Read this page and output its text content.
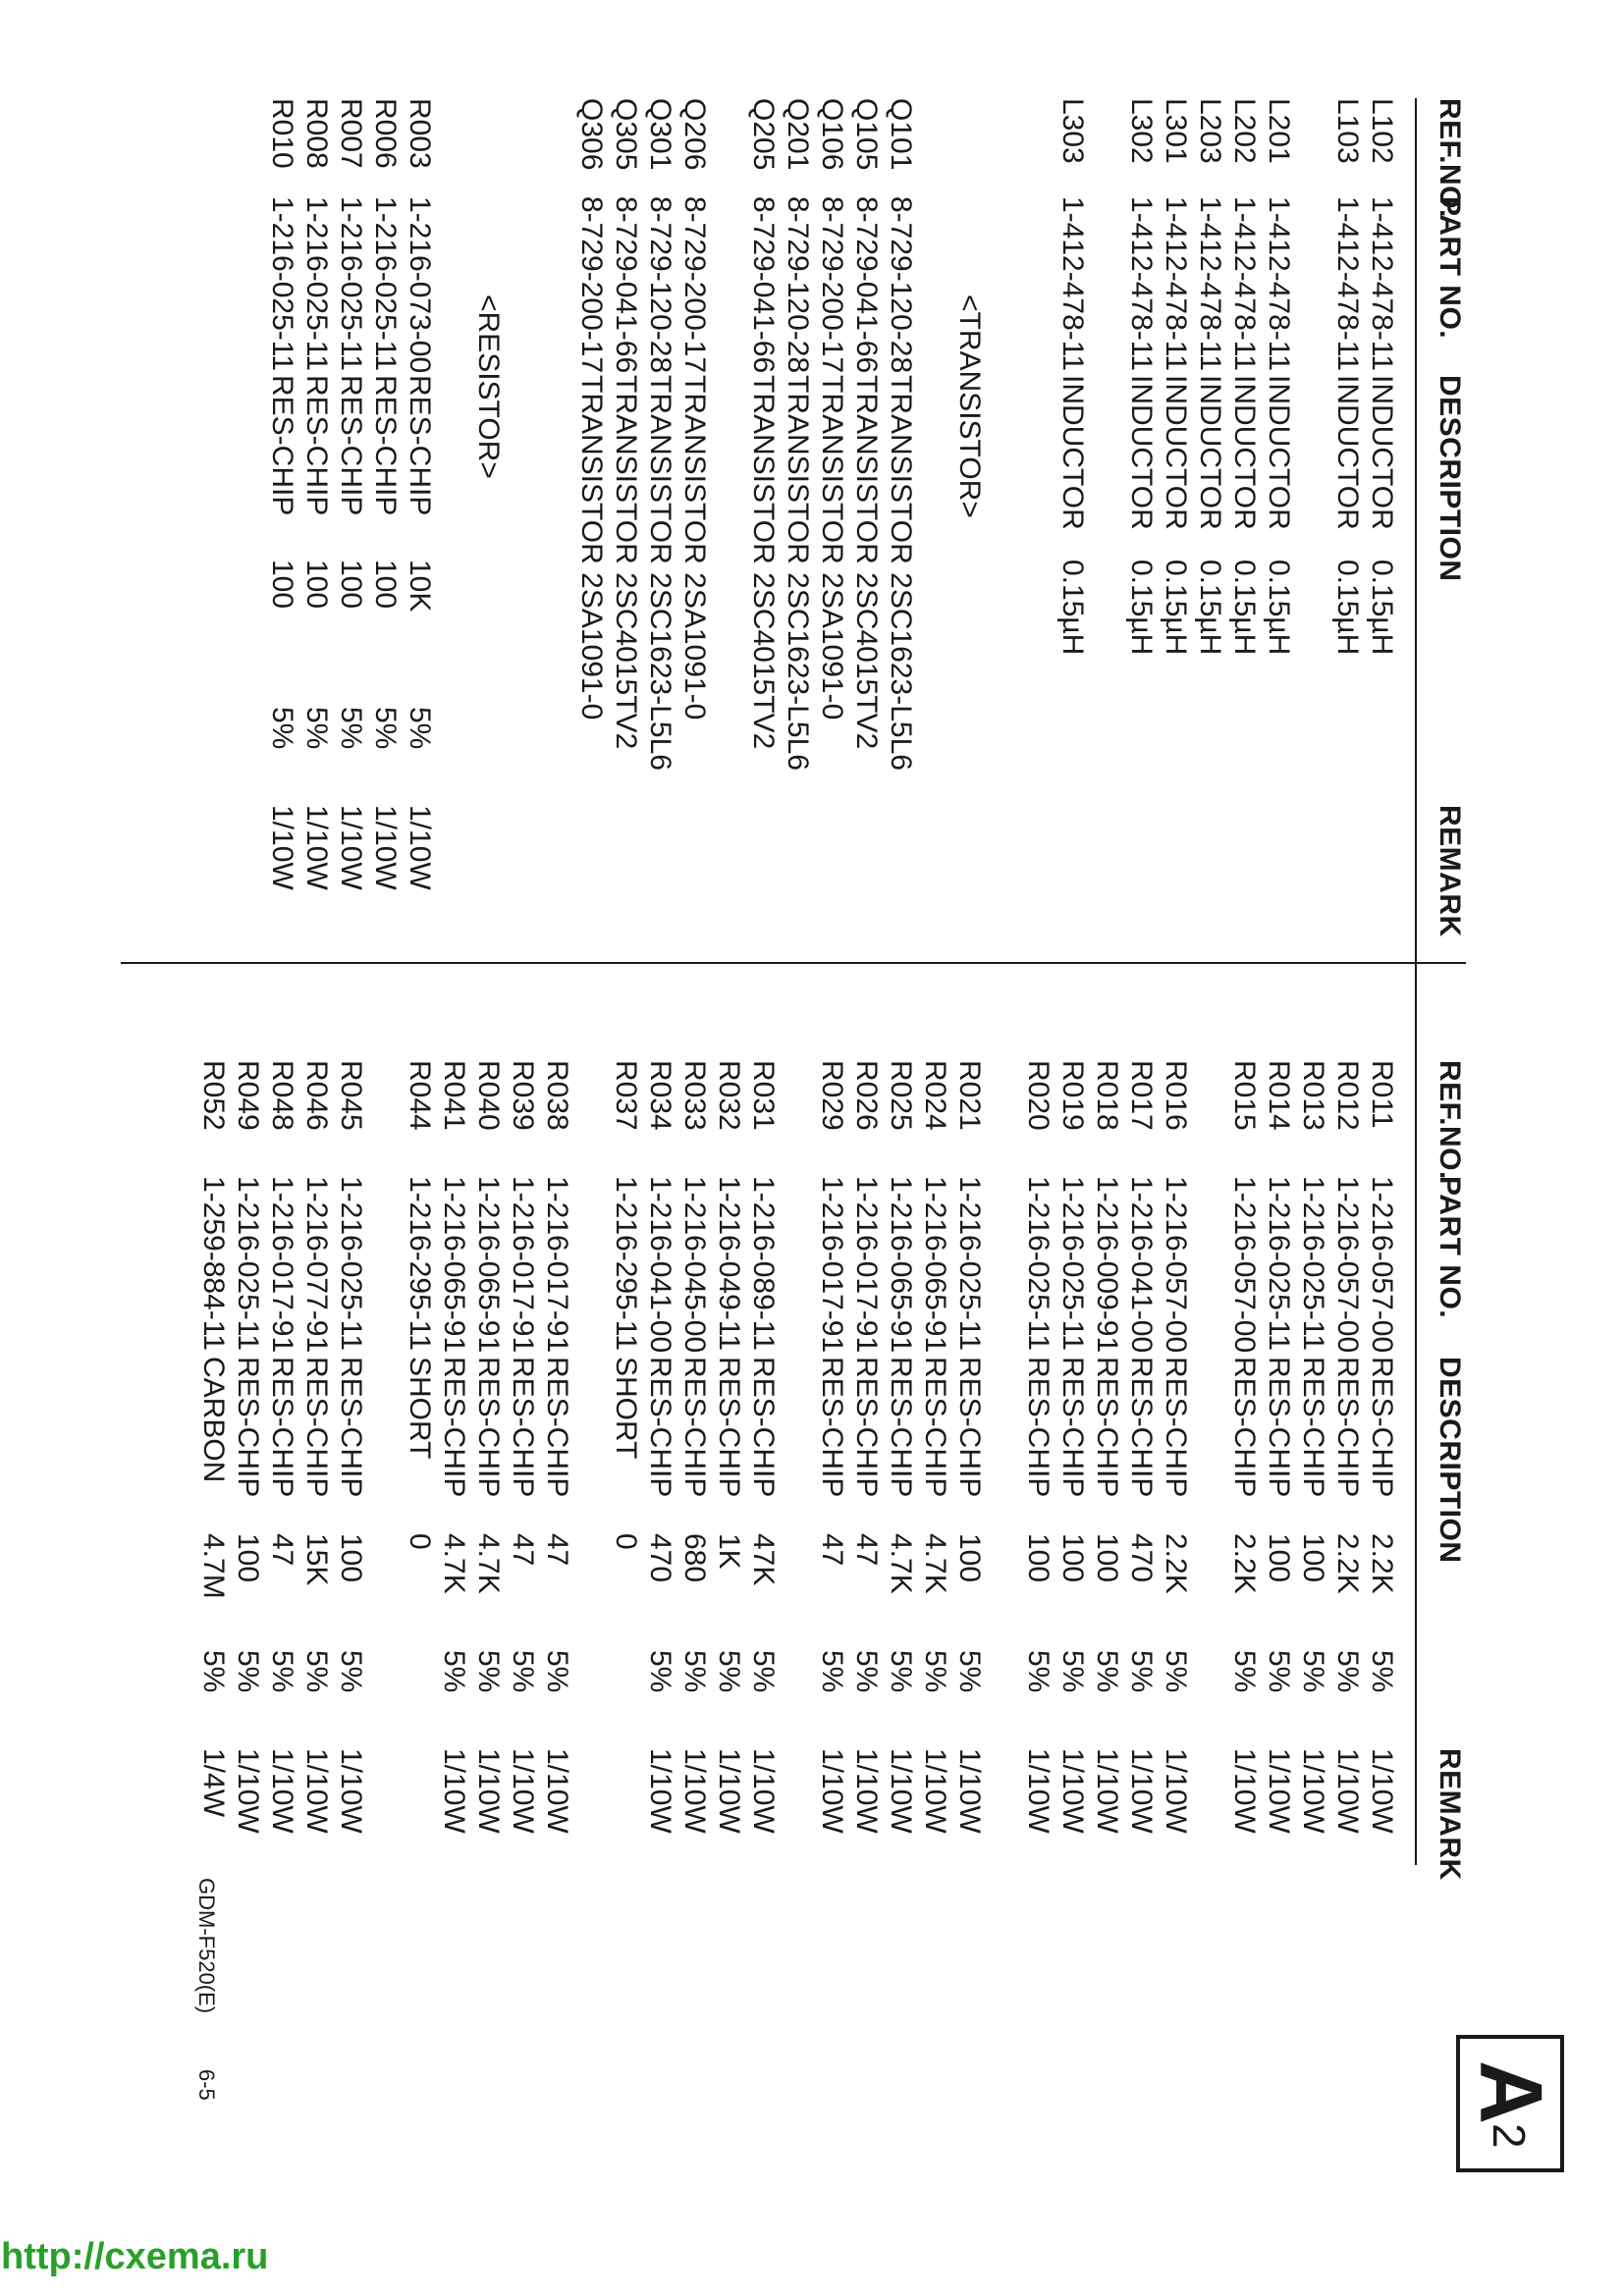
A
2
REF.NO.
PART NO.
DESCRIPTION
REMARK
L102
1-412-478-11
INDUCTOR
0.15µH
L103
1-412-478-11
INDUCTOR
0.15µH
L201
1-412-478-11
INDUCTOR
0.15µH
L202
1-412-478-11
INDUCTOR
0.15µH
L203
1-412-478-11
INDUCTOR
0.15µH
L301
1-412-478-11
INDUCTOR
0.15µH
L302
1-412-478-11
INDUCTOR
0.15µH
L303
1-412-478-11
INDUCTOR
0.15µH
<TRANSISTOR>
Q101
8-729-120-28
TRANSISTOR 2SC1623-L5L6
Q105
8-729-041-66
TRANSISTOR 2SC4015TV2
Q106
8-729-200-17
TRANSISTOR 2SA1091-0
Q201
8-729-120-28
TRANSISTOR 2SC1623-L5L6
Q205
8-729-041-66
TRANSISTOR 2SC4015TV2
Q206
8-729-200-17
TRANSISTOR 2SA1091-0
Q301
8-729-120-28
TRANSISTOR 2SC1623-L5L6
Q305
8-729-041-66
TRANSISTOR 2SC4015TV2
Q306
8-729-200-17
TRANSISTOR 2SA1091-0
<RESISTOR>
R003
1-216-073-00
RES-CHIP
10K
5%
1/10W
R006
1-216-025-11
RES-CHIP
100
5%
1/10W
R007
1-216-025-11
RES-CHIP
100
5%
1/10W
R008
1-216-025-11
RES-CHIP
100
5%
1/10W
R010
1-216-025-11
RES-CHIP
100
5%
1/10W
REF.NO.
PART NO.
DESCRIPTION
REMARK
R011
1-216-057-00
RES-CHIP
2.2K
5%
1/10W
R012
1-216-057-00
RES-CHIP
2.2K
5%
1/10W
R013
1-216-025-11
RES-CHIP
100
5%
1/10W
R014
1-216-025-11
RES-CHIP
100
5%
1/10W
R015
1-216-057-00
RES-CHIP
2.2K
5%
1/10W
R016
1-216-057-00
RES-CHIP
2.2K
5%
1/10W
R017
1-216-041-00
RES-CHIP
470
5%
1/10W
R018
1-216-009-91
RES-CHIP
100
5%
1/10W
R019
1-216-025-11
RES-CHIP
100
5%
1/10W
R020
1-216-025-11
RES-CHIP
100
5%
1/10W
R021
1-216-025-11
RES-CHIP
100
5%
1/10W
R024
1-216-065-91
RES-CHIP
4.7K
5%
1/10W
R025
1-216-065-91
RES-CHIP
4.7K
5%
1/10W
R026
1-216-017-91
RES-CHIP
47
5%
1/10W
R029
1-216-017-91
RES-CHIP
47
5%
1/10W
R031
1-216-089-11
RES-CHIP
47K
5%
1/10W
R032
1-216-049-11
RES-CHIP
1K
5%
1/10W
R033
1-216-045-00
RES-CHIP
680
5%
1/10W
R034
1-216-041-00
RES-CHIP
470
5%
1/10W
R037
1-216-295-11
SHORT
0
R038
1-216-017-91
RES-CHIP
47
5%
1/10W
R039
1-216-017-91
RES-CHIP
47
5%
1/10W
R040
1-216-065-91
RES-CHIP
4.7K
5%
1/10W
R041
1-216-065-91
RES-CHIP
4.7K
5%
1/10W
R044
1-216-295-11
SHORT
0
R045
1-216-025-11
RES-CHIP
100
5%
1/10W
R046
1-216-077-91
RES-CHIP
15K
5%
1/10W
R048
1-216-017-91
RES-CHIP
47
5%
1/10W
R049
1-216-025-11
RES-CHIP
100
5%
1/10W
R052
1-259-884-11
CARBON
4.7M
5%
1/4W
GDM-F520(E)
6-5
http://cxema.ru
